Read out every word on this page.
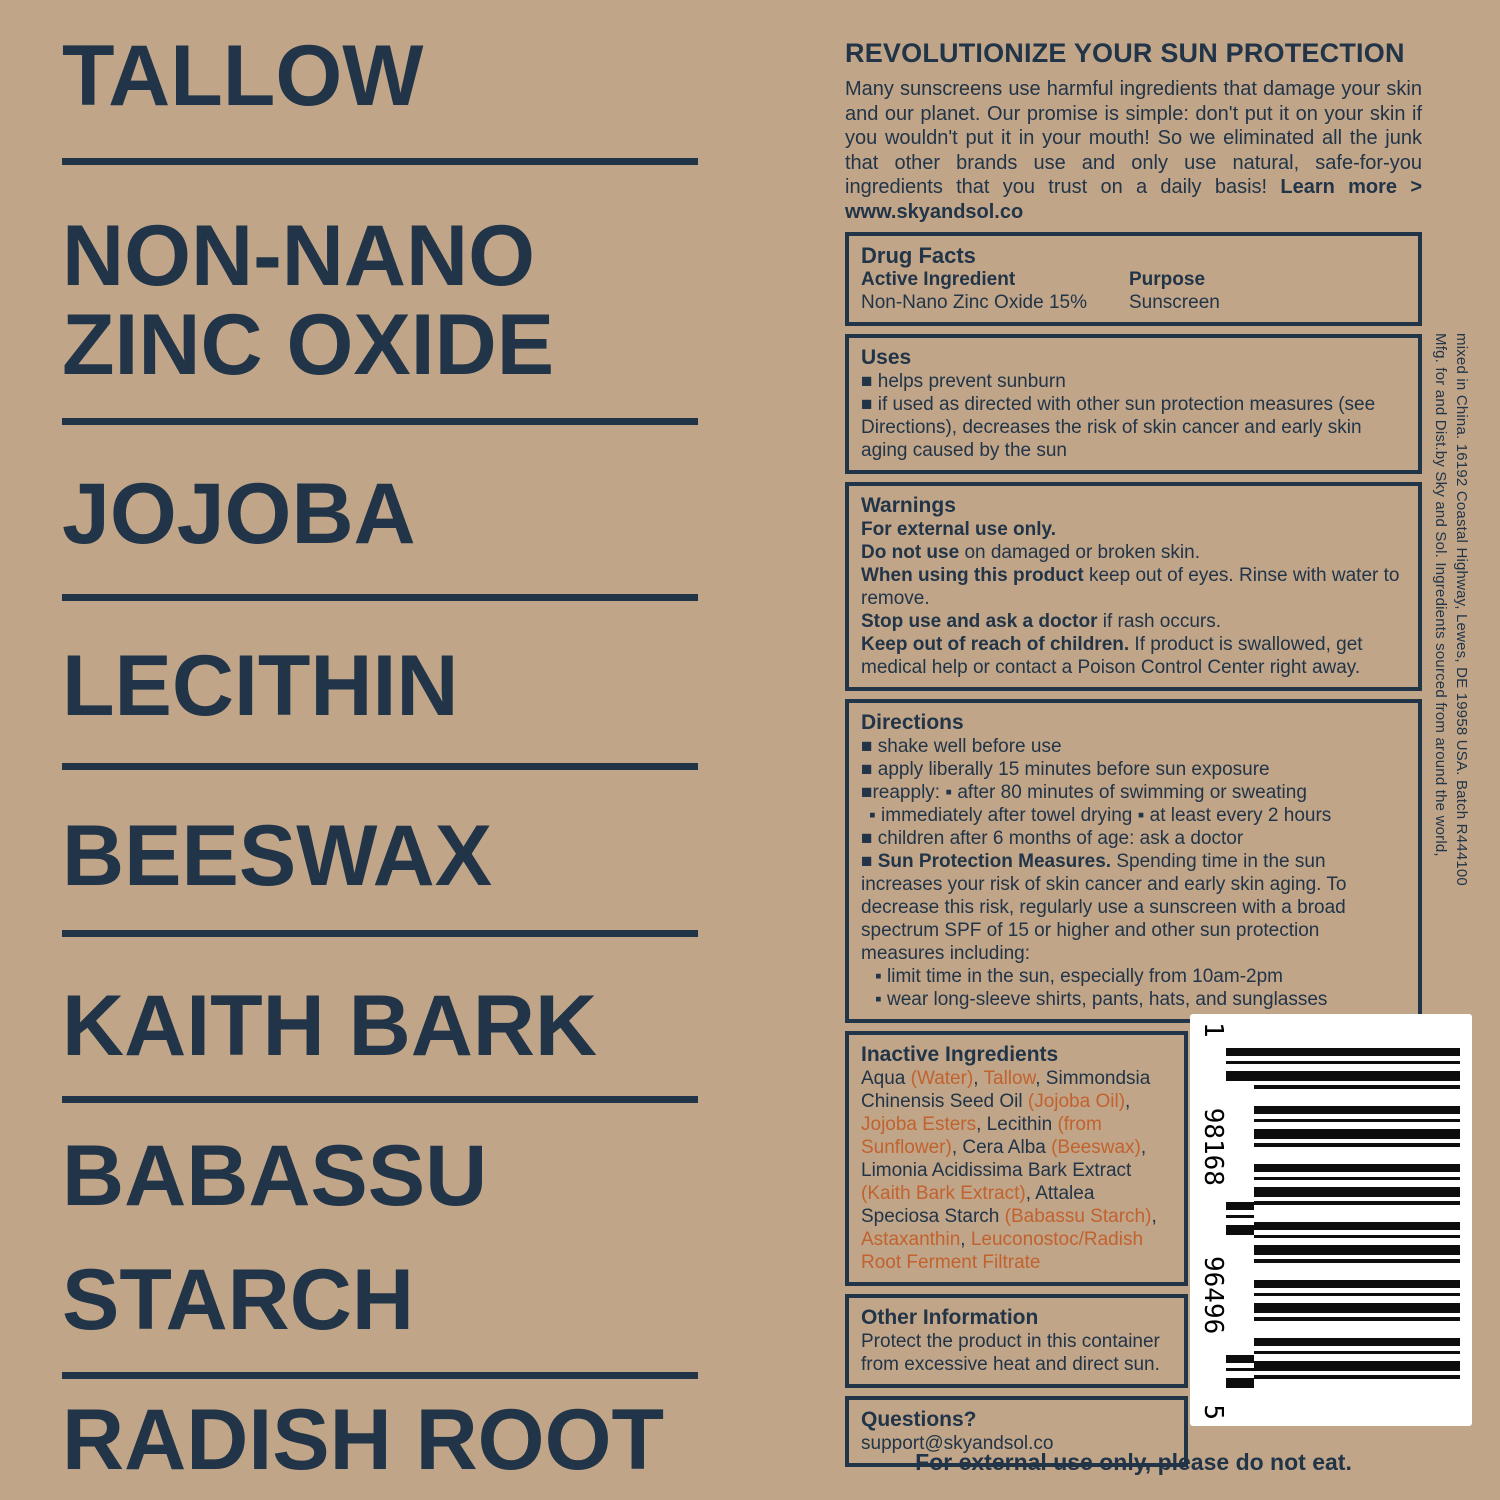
TALLOW
NON-NANO
ZINC OXIDE
JOJOBA
LECITHIN
BEESWAX
KAITH BARK
BABASSU
STARCH
RADISH ROOT
REVOLUTIONIZE YOUR SUN PROTECTION

Many sunscreens use harmful ingredients that damage your skin and our planet. Our promise is simple: don't put it on your skin if you wouldn't put it in your mouth! So we eliminated all the junk that other brands use and only use natural, safe-for-you ingredients that you trust on a daily basis! Learn more > www.skyandsol.co

Drug Facts
Active Ingredient
Non-Nano Zinc Oxide 15%
Purpose
Sunscreen
Uses
■ helps prevent sunburn
■ if used as directed with other sun protection measures (see Directions), decreases the risk of skin cancer and early skin aging caused by the sun
Warnings
For external use only.
Do not use on damaged or broken skin.
When using this product keep out of eyes. Rinse with water to remove.
Stop use and ask a doctor if rash occurs.
Keep out of reach of children. If product is swallowed, get medical help or contact a Poison Control Center right away.
Directions
■ shake well before use
■ apply liberally 15 minutes before sun exposure
■reapply: ▪ after 80 minutes of swimming or sweating
▪ immediately after towel drying ▪ at least every 2 hours
■ children after 6 months of age: ask a doctor
■ Sun Protection Measures. Spending time in the sun increases your risk of skin cancer and early skin aging. To decrease this risk, regularly use a sunscreen with a broad spectrum SPF of 15 or higher and other sun protection measures including:
▪ limit time in the sun, especially from 10am-2pm
▪ wear long-sleeve shirts, pants, hats, and sunglasses
Inactive Ingredients
Aqua (Water), Tallow, Simmondsia Chinensis Seed Oil (Jojoba Oil), Jojoba Esters, Lecithin (from Sunflower), Cera Alba (Beeswax), Limonia Acidissima Bark Extract (Kaith Bark Extract), Attalea Speciosa Starch (Babassu Starch), Astaxanthin, Leuconostoc/Radish Root Ferment Filtrate
Other Information
Protect the product in this container from excessive heat and direct sun.
Questions?
support@skyandsol.co
1
98168
96496
5
mixed in China. 16192 Coastal Highway, Lewes, DE 19958 USA. Batch R444100
Mfg. for and Dist.by Sky and Sol. Ingredients sourced from around the world,
For external use only, please do not eat.
